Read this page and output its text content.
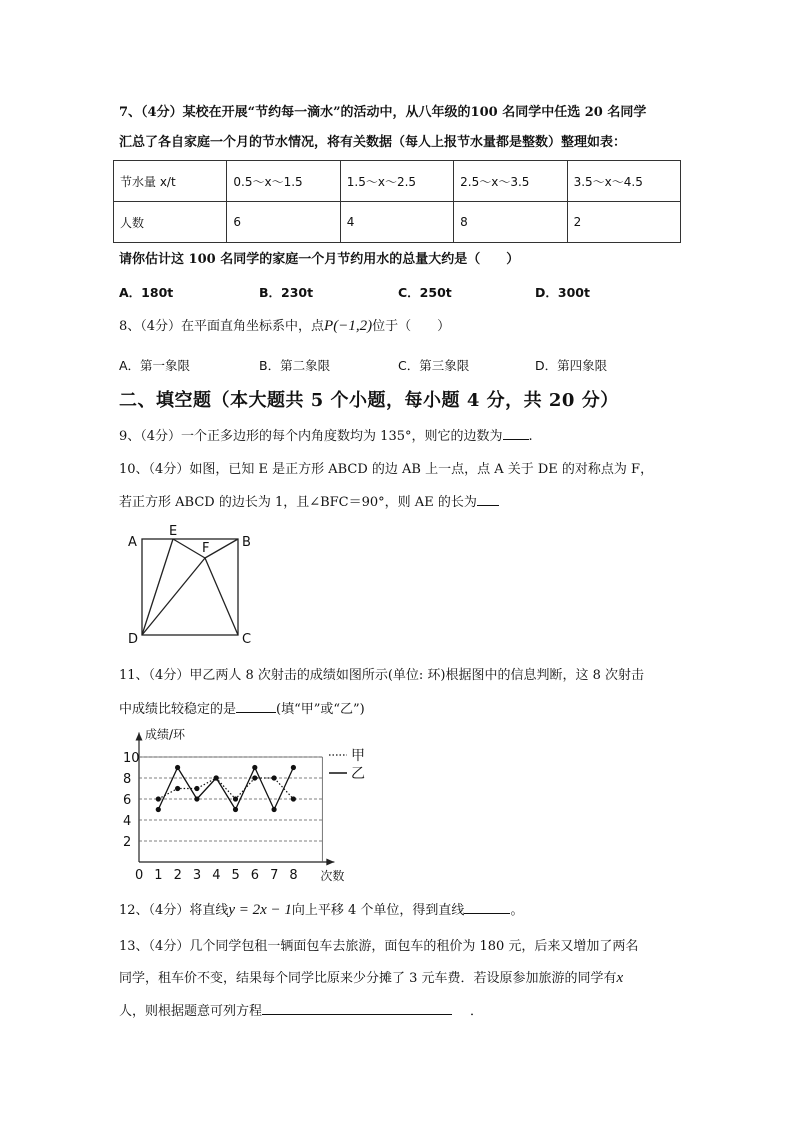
7、（4分）某校在开展“节约每一滴水”的活动中，从八年级的100 名同学中任选 20 名同学
汇总了各自家庭一个月的节水情况，将有关数据（每人上报节水量都是整数）整理如表：
节水量 x/t	0.5～x～1.5	1.5～x～2.5	2.5～x～3.5	3.5～x～4.5
人数	6	4	8	2
请你估计这 100 名同学的家庭一个月节约用水的总量大约是（　　）
A．180t	B．230t	C．250t	D．300t
8、（4分）在平面直角坐标系中，点P(−1,2)位于（　　）
A．第一象限	B．第二象限	C．第三象限	D．第四象限
二、填空题（本大题共 5 个小题，每小题 4 分，共 20 分）
9、（4分）一个正多边形的每个内角度数均为 135°，则它的边数为 .
10、（4分）如图，已知 E 是正方形 ABCD 的边 AB 上一点，点 A 关于 DE 的对称点为 F，
若正方形 ABCD 的边长为 1，且∠BFC＝90°，则 AE 的长为
A
E
F	B
D	C
11、（4分）甲乙两人 8 次射击的成绩如图所示(单位: 环)根据图中的信息判断，这 8 次射击
中成绩比较稳定的是	(填“甲”或“乙”)
2
4
6
8
10
0 1 2 3 4 5 6 7 8
成绩/环
次数
甲
乙
12、（4分）将直线y = 2x − 1向上平移 4 个单位，得到直线	。
13、（4分）几个同学包租一辆面包车去旅游，面包车的租价为 180 元，后来又增加了两名
同学，租车价不变，结果每个同学比原来少分摊了 3 元车费．若设原参加旅游的同学有x
人，则根据题意可列方程	．
